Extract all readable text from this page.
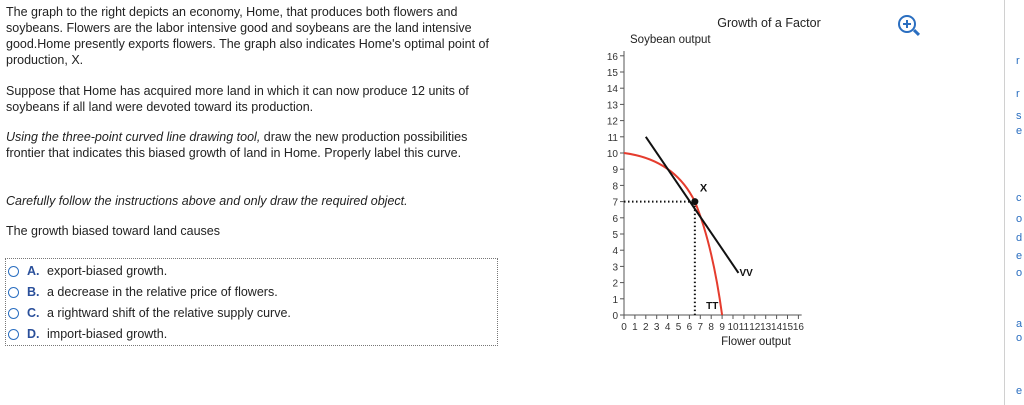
The graph to the right depicts an economy, Home, that produces both flowers and soybeans. Flowers are the labor intensive good and soybeans are the land intensive good.Home presently exports flowers. The graph also indicates Home's optimal point of production, X.

Suppose that Home has acquired more land in which it can now produce 12 units of soybeans if all land were devoted toward its production.

Using the three-point curved line drawing tool, draw the new production possibilities frontier that indicates this biased growth of land in Home. Properly label this curve.

Carefully follow the instructions above and only draw the required object.

The growth biased toward land causes

A. export-biased growth.
B. a decrease in the relative price of flowers.
C. a rightward shift of the relative supply curve.
D. import-biased growth.
Growth of a Factor
Soybean output
Flower output
0
1
2
3
4
5
6
7
8
9
10
11
12
13
14
15
16
0 1 2 3 4 5 6 7 8 9 10 11 12 13 14 15 16
X
VV
TT
r
r
s
e
c
o
d
e
o
a
o
e
